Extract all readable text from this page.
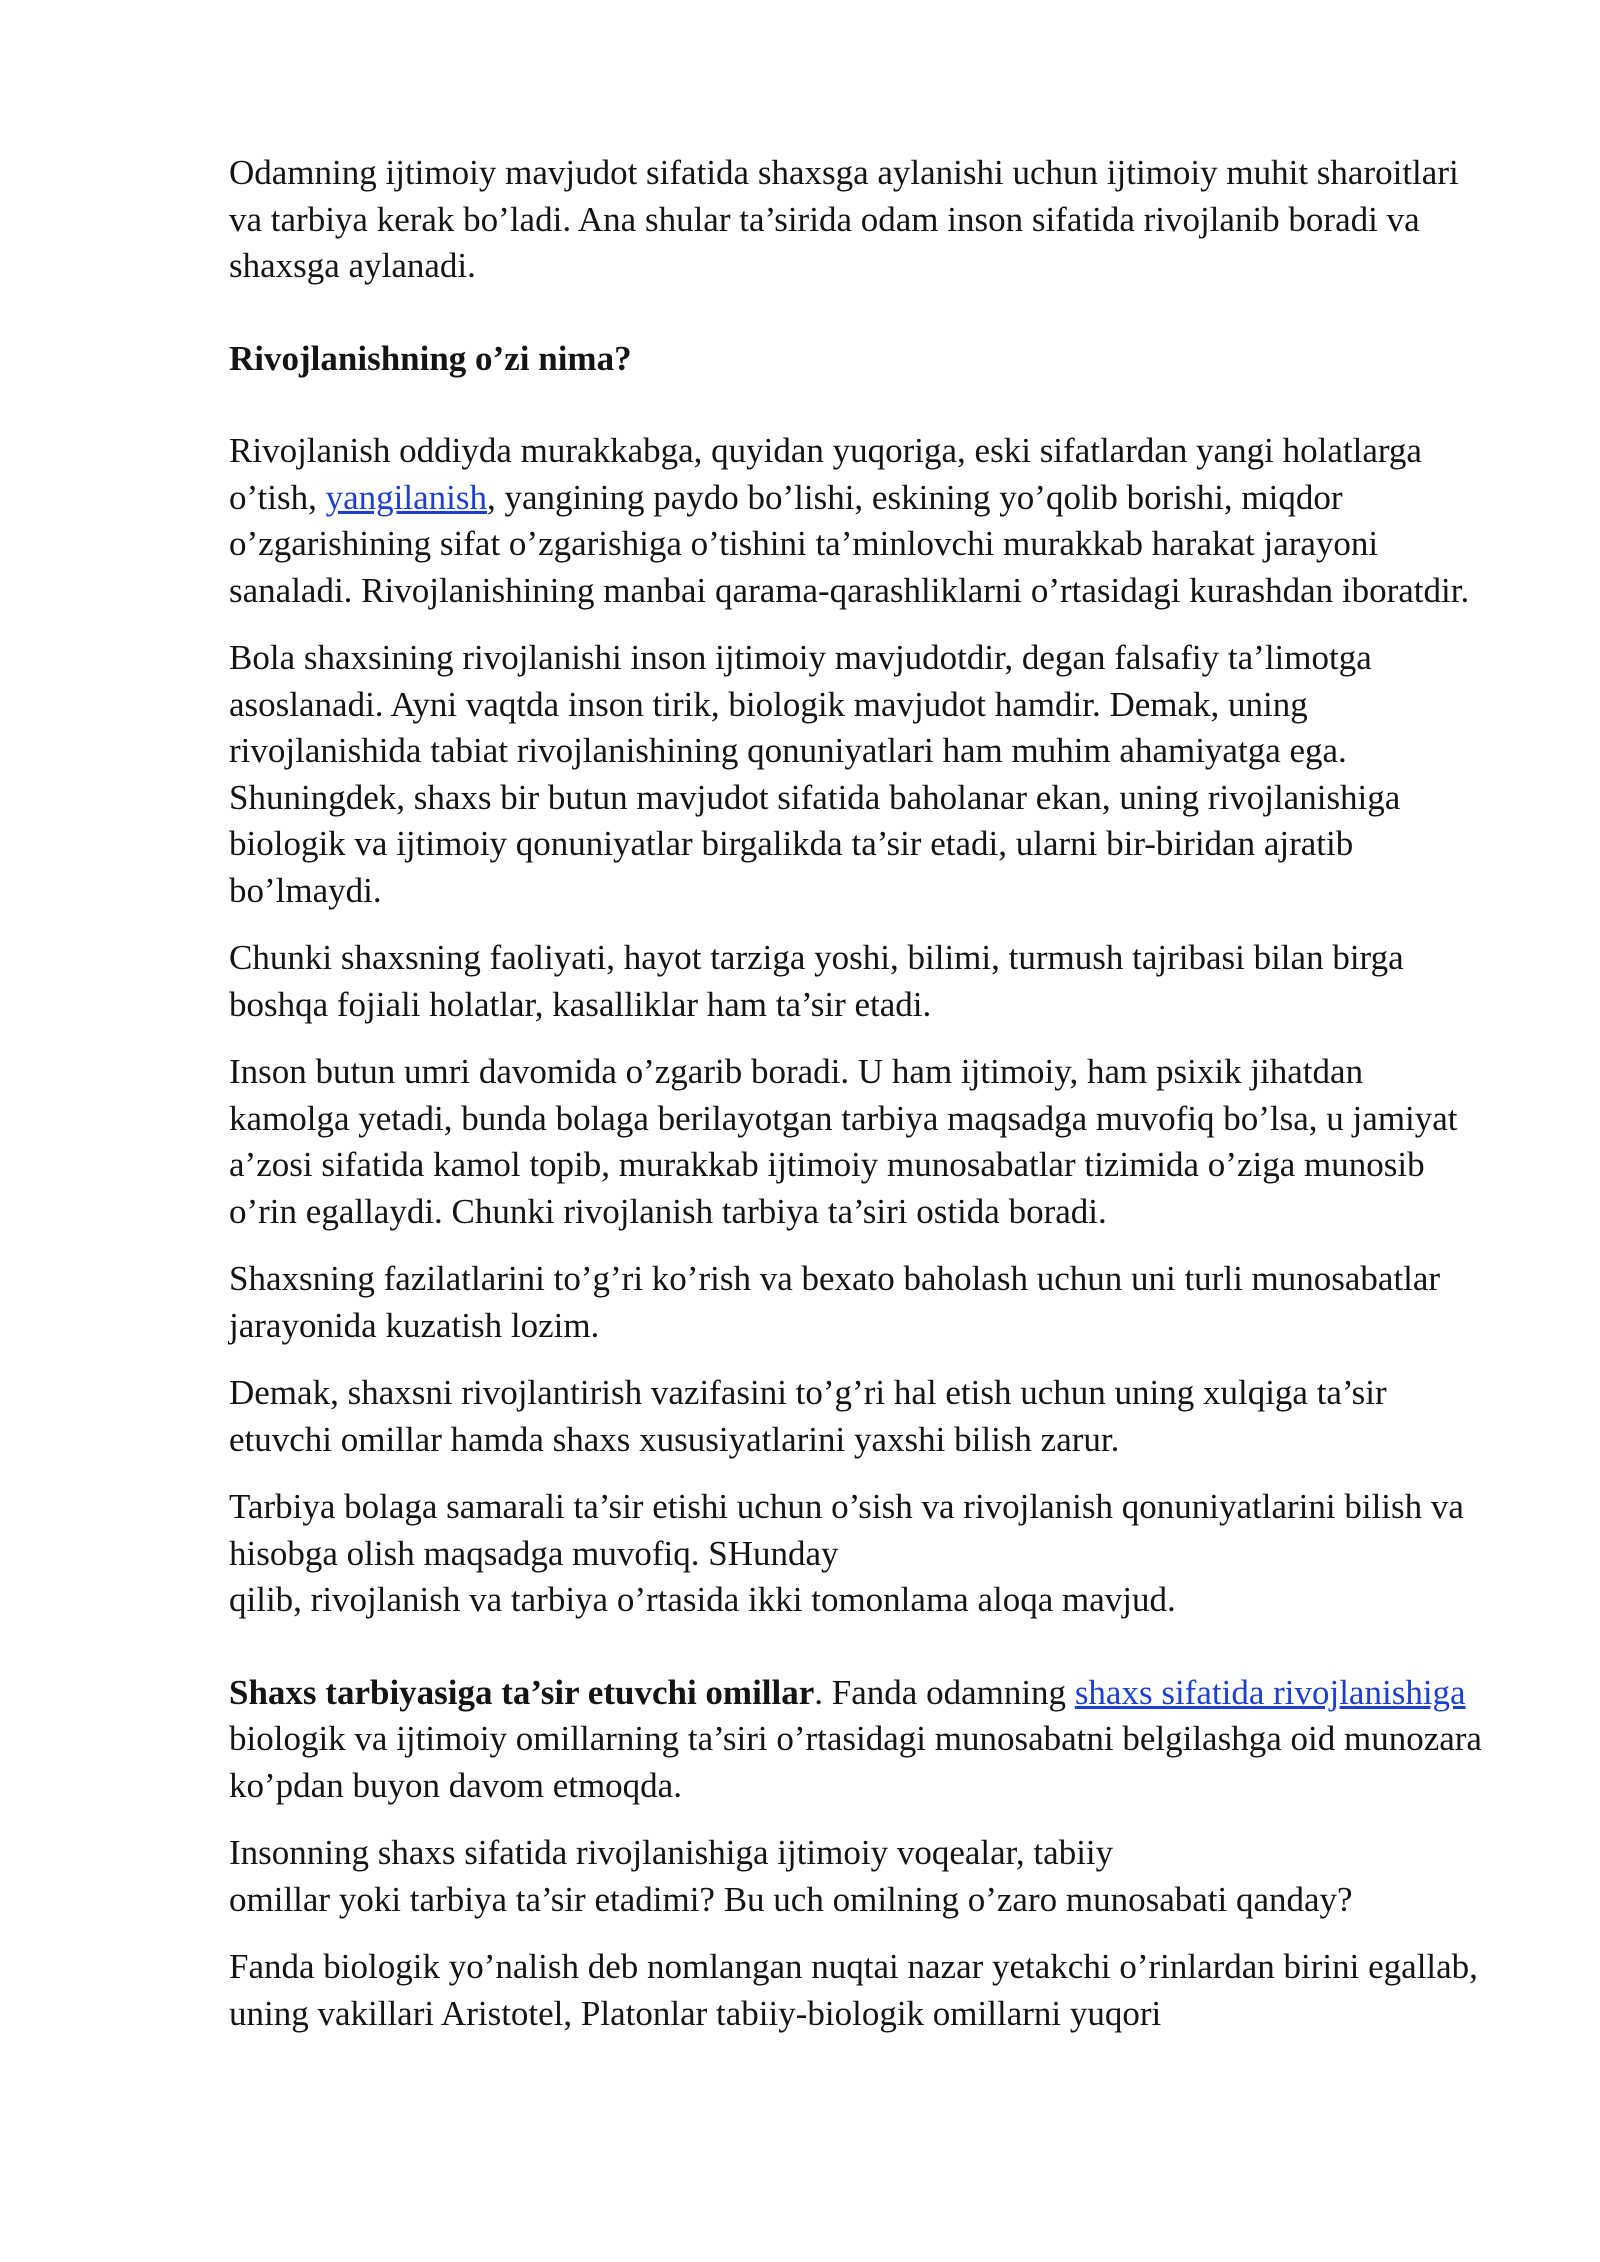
Odamning ijtimoiy mavjudot sifatida shaxsga aylanishi uchun ijtimoiy muhit sharoitlari va tarbiya kerak bo’ladi. Ana shular ta’sirida odam inson sifatida rivojlanib boradi va shaxsga aylanadi.

Rivojlanishning o’zi nima?

Rivojlanish oddiyda murakkabga, quyidan yuqoriga, eski sifatlardan yangi holatlarga o’tish, yangilanish, yangining paydo bo’lishi, eskining yo’qolib borishi, miqdor o’zgarishining sifat o’zgarishiga o’tishini ta’minlovchi murakkab harakat jarayoni sanaladi. Rivojlanishining manbai qarama-qarashliklarni o’rtasidagi kurashdan iboratdir.

Bola shaxsining rivojlanishi inson ijtimoiy mavjudotdir, degan falsafiy ta’limotga asoslanadi. Ayni vaqtda inson tirik, biologik mavjudot hamdir. Demak, uning rivojlanishida tabiat rivojlanishining qonuniyatlari ham muhim ahamiyatga ega. Shuningdek, shaxs bir butun mavjudot sifatida baholanar ekan, uning rivojlanishiga biologik va ijtimoiy qonuniyatlar birgalikda ta’sir etadi, ularni bir-biridan ajratib bo’lmaydi.

Chunki shaxsning faoliyati, hayot tarziga yoshi, bilimi, turmush tajribasi bilan birga boshqa fojiali holatlar, kasalliklar ham ta’sir etadi.

Inson butun umri davomida o’zgarib boradi. U ham ijtimoiy, ham psixik jihatdan kamolga yetadi, bunda bolaga berilayotgan tarbiya maqsadga muvofiq bo’lsa, u jamiyat a’zosi sifatida kamol topib, murakkab ijtimoiy munosabatlar tizimida o’ziga munosib o’rin egallaydi. Chunki rivojlanish tarbiya ta’siri ostida boradi.

Shaxsning fazilatlarini to’g’ri ko’rish va bexato baholash uchun uni turli munosabatlar jarayonida kuzatish lozim.

Demak, shaxsni rivojlantirish vazifasini to’g’ri hal etish uchun uning xulqiga ta’sir etuvchi omillar hamda shaxs xususiyatlarini yaxshi bilish zarur.

Tarbiya bolaga samarali ta’sir etishi uchun o’sish va rivojlanish qonuniyatlarini bilish va hisobga olish maqsadga muvofiq. SHunday
qilib, rivojlanish va tarbiya o’rtasida ikki tomonlama aloqa mavjud.

Shaxs tarbiyasiga ta’sir etuvchi omillar. Fanda odamning shaxs sifatida rivojlanishiga biologik va ijtimoiy omillarning ta’siri o’rtasidagi munosabatni belgilashga oid munozara ko’pdan buyon davom etmoqda.

Insonning shaxs sifatida rivojlanishiga ijtimoiy voqealar, tabiiy
omillar yoki tarbiya ta’sir etadimi? Bu uch omilning o’zaro munosabati qanday?

Fanda biologik yo’nalish deb nomlangan nuqtai nazar yetakchi o’rinlardan birini egallab, uning vakillari Aristotel, Platonlar tabiiy-biologik omillarni yuqori
